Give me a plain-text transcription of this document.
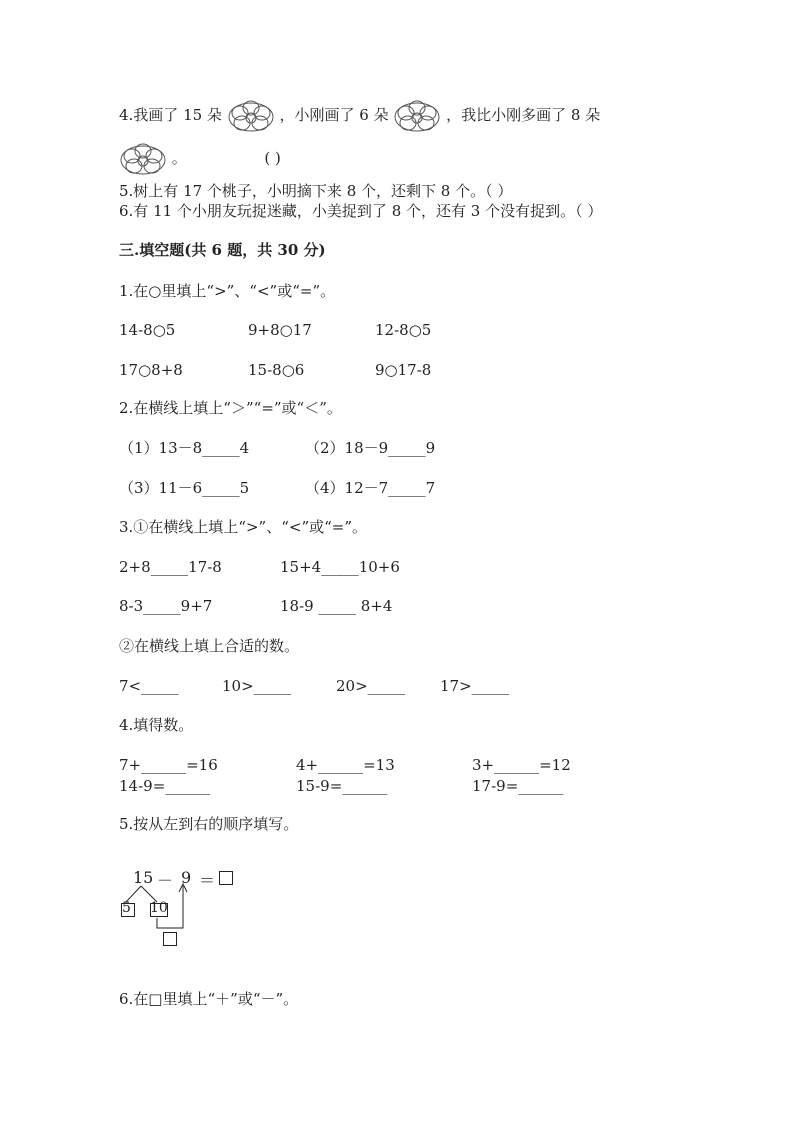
4.我画了 15 朵	，小刚画了 6 朵	，我比小刚多画了 8 朵
。	( )
5.树上有 17 个桃子，小明摘下来 8 个，还剩下 8 个。（ ）
6.有 11 个小朋友玩捉迷藏，小美捉到了 8 个，还有 3 个没有捉到。（ ）
三.填空题(共 6 题，共 30 分)
1.在○里填上“>”、“<”或“=”。
14-8○5	9+8○17	12-8○5
17○8+8	15-8○6	9○17-8
2.在横线上填上“＞”“=”或“＜”。
（1）13－8_____4	（2）18－9_____9
（3）11－6_____5	（4）12－7_____7
3.①在横线上填上“>”、“<”或“=”。
2+8_____17-8	15+4_____10+6
8-3_____9+7	18-9 _____ 8+4
②在横线上填上合适的数。
7<_____	10>_____	20>_____ 17>_____
4.填得数。
7+______=16	4+______=13	3+______=12
14-9=______	15-9=______	17-9=______
5.按从左到右的顺序填写。
15 － 9 ＝
5 10
6.在□里填上“＋”或“－”。
